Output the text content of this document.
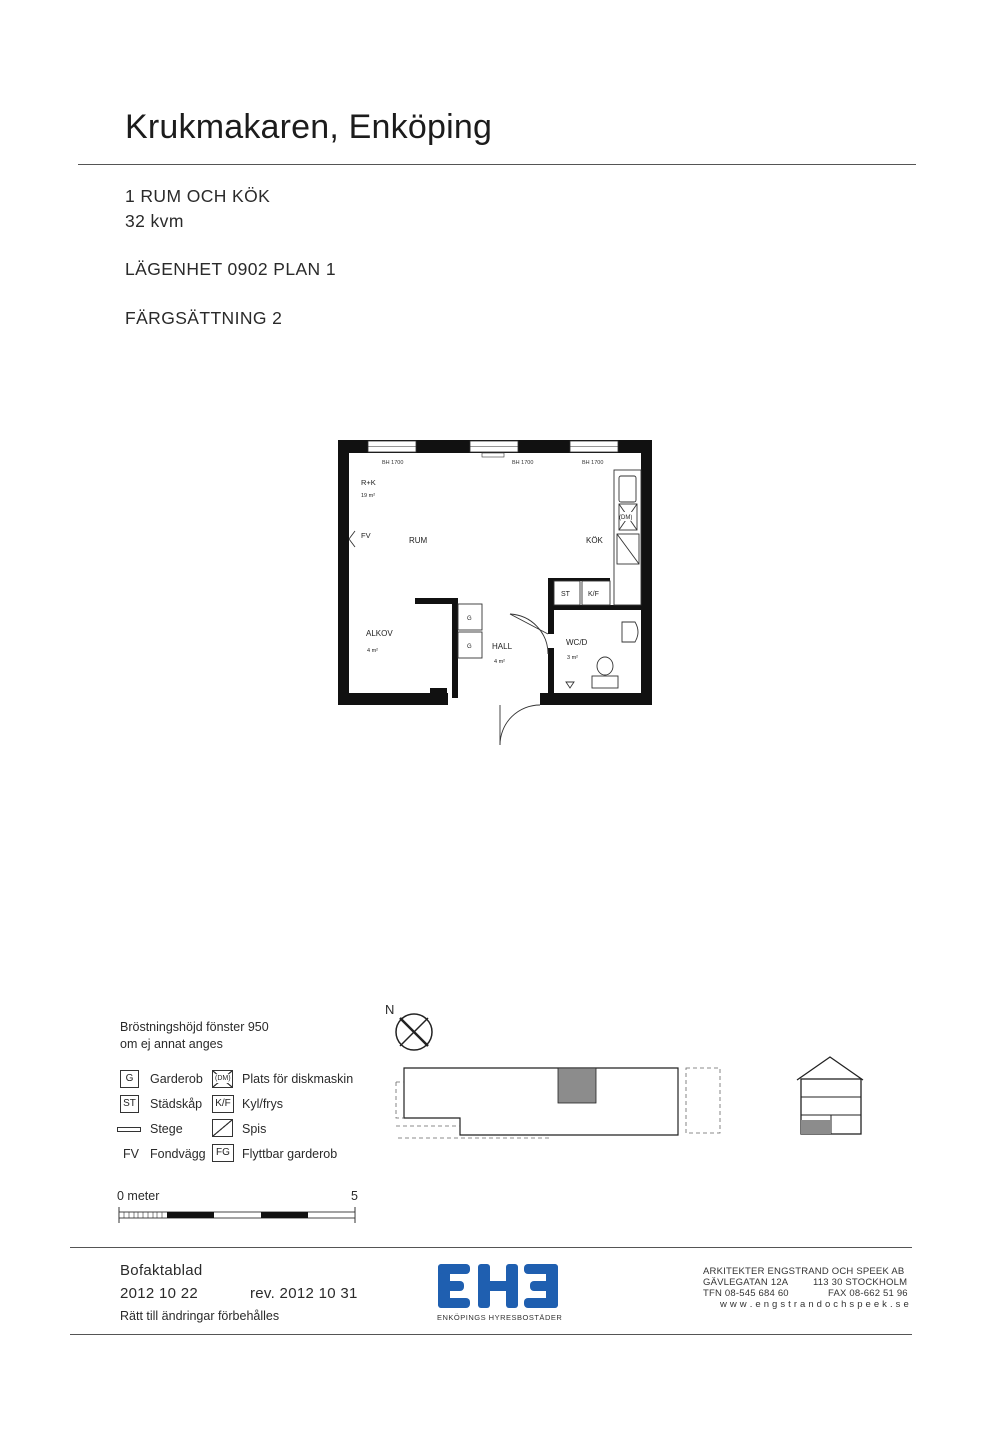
Krukmakaren, Enköping
1 RUM OCH KÖK
32 kvm
LÄGENHET 0902 PLAN 1
FÄRGSÄTTNING 2
BH 1700	BH 1700	BH 1700
(DM)
ST	K/F
G
G
R+K
19 m²
RUM	KÖK
FV
ALKOV
4 m²	HALL
4 m²
WC/D
3 m²
Bröstningshöjd fönster 950
om ej annat anges
G	Garderob
ST Städskåp
Stege
FV Fondvägg
(DM) Plats för diskmaskin
K/F Kyl/frys
Spis
FG Flyttbar garderob
0 meter	5
N
Bofaktablad
2012 10 22	rev. 2012 10 31
Rätt till ändringar förbehålles	ENKÖPINGS HYRESBOSTÄDER
ARKITEKTER ENGSTRAND OCH SPEEK AB
GÄVLEGATAN 12A	113 30 STOCKHOLM
TFN 08-545 684 60	FAX 08-662 51 96
w w w . e n g s t r a n d o c h s p e e k . s e
